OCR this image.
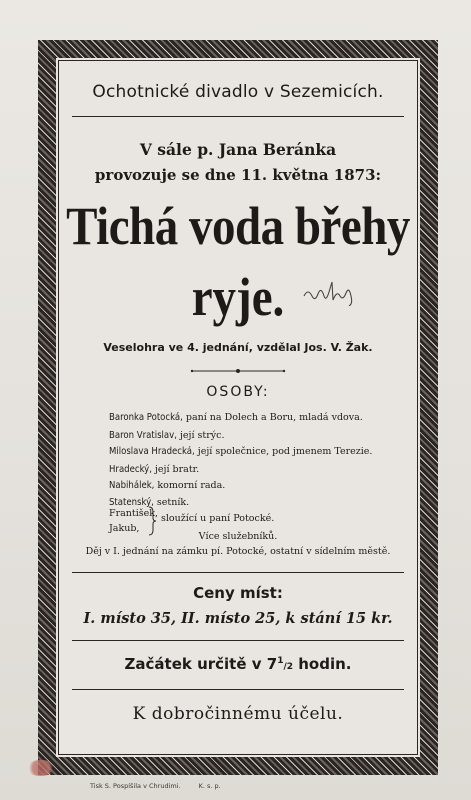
Ochotnické divadlo v Sezemicích.
V sále p. Jana Beránka
provozuje se dne 11. května 1873:
Tichá voda břehy
ryje.
Veselohra ve 4. jednání, vzdělal Jos. V. Žak.
OSOBY:
Baronka Potocká, paní na Dolech a Boru, mladá vdova.
Baron Vratislav, její strýc.
Miloslava Hradecká, její společnice, pod jmenem Terezie.
Hradecký, její bratr.
Nabihálek, komorní rada.
Statenský, setník.
František,
Jakub,
sloužící u paní Potocké.
Více služebníků.
Děj v I. jednání na zámku pí. Potocké, ostatní v sídelním městě.
Ceny míst:
I. místo 35, II. místo 25, k stání 15 kr.
Začátek určitě v $7^1/2$ hodin.
K dobročinnému účelu.
Tisk S. Pospíšila v Chrudimi.	K. s. p.
